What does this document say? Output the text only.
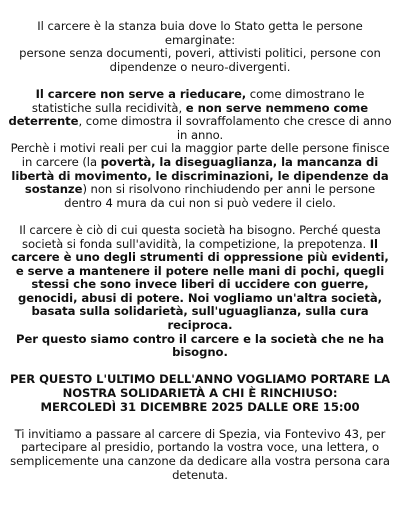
Il carcere è la stanza buia dove lo Stato getta le persone emarginate:
persone senza documenti, poveri, attivisti politici, persone con dipendenze o neuro-divergenti.

Il carcere non serve a rieducare, come dimostrano le statistiche sulla recidività, e non serve nemmeno come deterrente, come dimostra il sovraffolamento che cresce di anno in anno.
Perchè i motivi reali per cui la maggior parte delle persone finisce in carcere (la povertà, la diseguaglianza, la mancanza di libertà di movimento, le discriminazioni, le dipendenze da sostanze) non si risolvono rinchiudendo per anni le persone dentro 4 mura da cui non si può vedere il cielo.

Il carcere è ciò di cui questa società ha bisogno. Perché questa società si fonda sull'avidità, la competizione, la prepotenza. Il carcere è uno degli strumenti di oppressione più evidenti, e serve a mantenere il potere nelle mani di pochi, quegli stessi che sono invece liberi di uccidere con guerre, genocidi, abusi di potere. Noi vogliamo un'altra società, basata sulla solidarietà, sull'uguaglianza, sulla cura reciproca.
Per questo siamo contro il carcere e la società che ne ha bisogno.

PER QUESTO L'ULTIMO DELL'ANNO VOGLIAMO PORTARE LA NOSTRA SOLIDARIETÀ A CHI È RINCHIUSO:
MERCOLEDÌ 31 DICEMBRE 2025 DALLE ORE 15:00

Ti invitiamo a passare al carcere di Spezia, via Fontevivo 43, per partecipare al presidio, portando la vostra voce, una lettera, o semplicemente una canzone da dedicare alla vostra persona cara detenuta.
